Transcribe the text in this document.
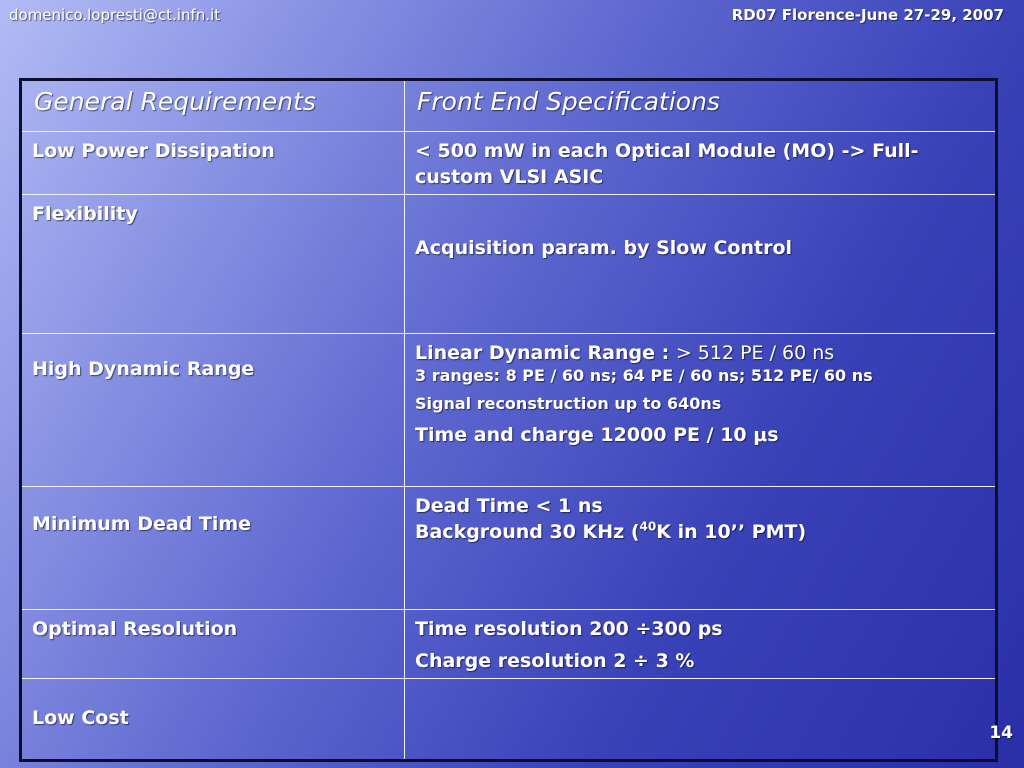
domenico.lopresti@ct.infn.it	RD07 Florence-June 27-29, 2007
General Requirements	Front End Specifications
Low Power Dissipation	< 500 mW in each Optical Module (MO) -> Full-custom VLSI ASIC
Flexibility	Acquisition param. by Slow Control
High Dynamic Range	Linear Dynamic Range : > 512 PE / 60 ns
3 ranges: 8 PE / 60 ns; 64 PE / 60 ns; 512 PE/ 60 ns
Signal reconstruction up to 640ns
Time and charge 12000 PE / 10 μs

Minimum Dead Time	Dead Time < 1 ns
Background 30 KHz ($^{40}$K in 10’’ PMT)

Optimal Resolution	Time resolution 200 ÷300 ps
Charge resolution 2 ÷ 3 %

Low Cost	
14
